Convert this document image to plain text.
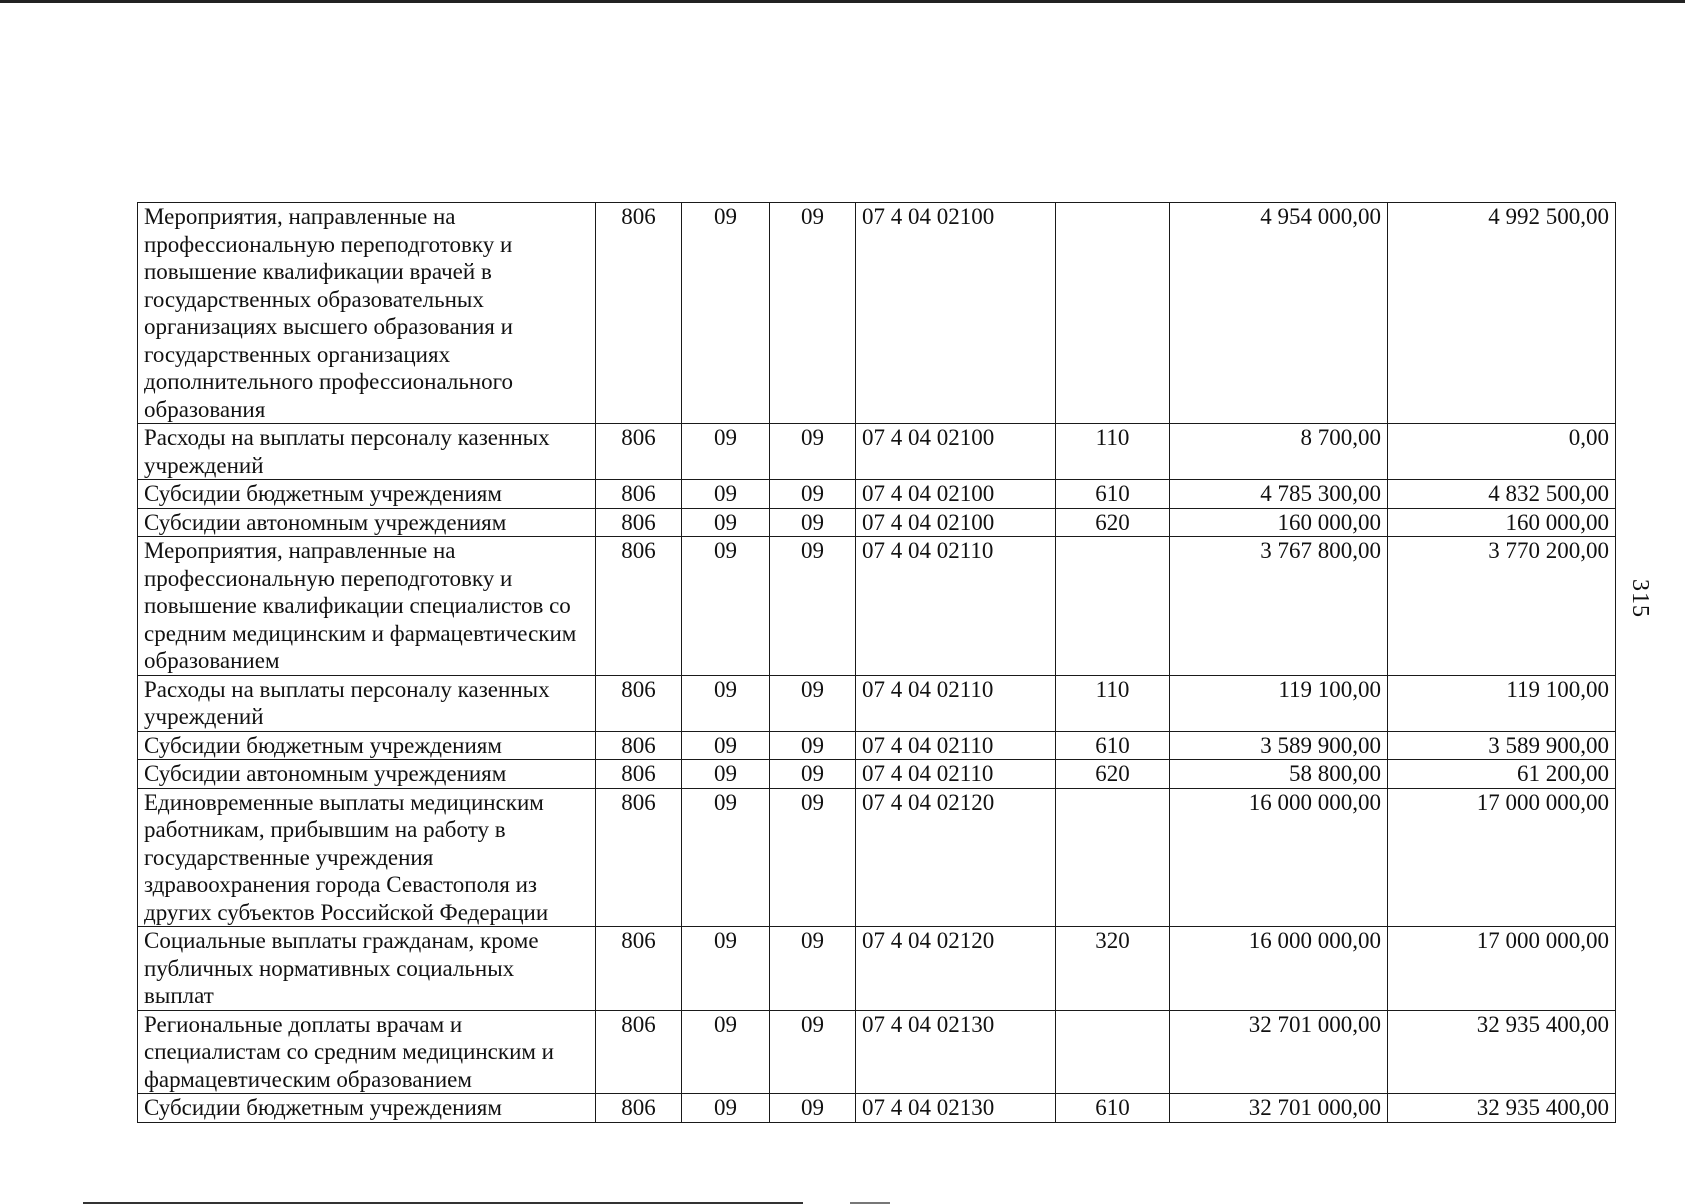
Мероприятия, направленные на профессиональную переподготовку и повышение квалификации врачей в государственных образовательных организациях высшего образования и государственных организациях дополнительного профессионального образования	806	09	09	07 4 04 02100		4 954 000,00	4 992 500,00
Расходы на выплаты персоналу казенных учреждений	806	09	09	07 4 04 02100	110	8 700,00	0,00
Субсидии бюджетным учреждениям	806	09	09	07 4 04 02100	610	4 785 300,00	4 832 500,00
Субсидии автономным учреждениям	806	09	09	07 4 04 02100	620	160 000,00	160 000,00
Мероприятия, направленные на профессиональную переподготовку и повышение квалификации специалистов со средним медицинским и фармацевтическим образованием	806	09	09	07 4 04 02110		3 767 800,00	3 770 200,00
Расходы на выплаты персоналу казенных учреждений	806	09	09	07 4 04 02110	110	119 100,00	119 100,00
Субсидии бюджетным учреждениям	806	09	09	07 4 04 02110	610	3 589 900,00	3 589 900,00
Субсидии автономным учреждениям	806	09	09	07 4 04 02110	620	58 800,00	61 200,00
Единовременные выплаты медицинским работникам, прибывшим на работу в государственные учреждения здравоохранения города Севастополя из других субъектов Российской Федерации	806	09	09	07 4 04 02120		16 000 000,00	17 000 000,00
Социальные выплаты гражданам, кроме публичных нормативных социальных выплат	806	09	09	07 4 04 02120	320	16 000 000,00	17 000 000,00
Региональные доплаты врачам и специалистам со средним медицинским и фармацевтическим образованием	806	09	09	07 4 04 02130		32 701 000,00	32 935 400,00
Субсидии бюджетным учреждениям	806	09	09	07 4 04 02130	610	32 701 000,00	32 935 400,00
315
